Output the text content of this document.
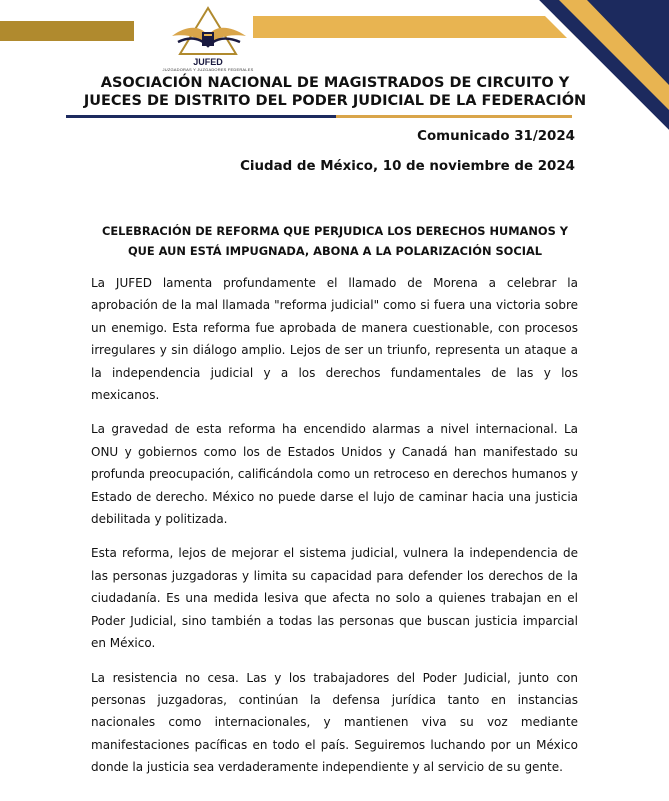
JUFED
JUZGADORAS Y JUZGADORES FEDERALES
ASOCIACIÓN NACIONAL DE MAGISTRADOS DE CIRCUITO Y
JUECES DE DISTRITO DEL PODER JUDICIAL DE LA FEDERACIÓN
Comunicado 31/2024
Ciudad de México, 10 de noviembre de 2024
CELEBRACIÓN DE REFORMA QUE PERJUDICA LOS DERECHOS HUMANOS Y
QUE AUN ESTÁ IMPUGNADA, ABONA A LA POLARIZACIÓN SOCIAL

La JUFED lamenta profundamente el llamado de Morena a celebrar la aprobación de la mal llamada "reforma judicial" como si fuera una victoria sobre un enemigo. Esta reforma fue aprobada de manera cuestionable, con procesos irregulares y sin diálogo amplio. Lejos de ser un triunfo, representa un ataque a la independencia judicial y a los derechos fundamentales de las y los mexicanos.

La gravedad de esta reforma ha encendido alarmas a nivel internacional. La ONU y gobiernos como los de Estados Unidos y Canadá han manifestado su profunda preocupación, calificándola como un retroceso en derechos humanos y Estado de derecho. México no puede darse el lujo de caminar hacia una justicia debilitada y politizada.

Esta reforma, lejos de mejorar el sistema judicial, vulnera la independencia de las personas juzgadoras y limita su capacidad para defender los derechos de la ciudadanía. Es una medida lesiva que afecta no solo a quienes trabajan en el Poder Judicial, sino también a todas las personas que buscan justicia imparcial en México.

La resistencia no cesa. Las y los trabajadores del Poder Judicial, junto con personas juzgadoras, continúan la defensa jurídica tanto en instancias nacionales como internacionales, y mantienen viva su voz mediante manifestaciones pacíficas en todo el país. Seguiremos luchando por un México donde la justicia sea verdaderamente independiente y al servicio de su gente.
